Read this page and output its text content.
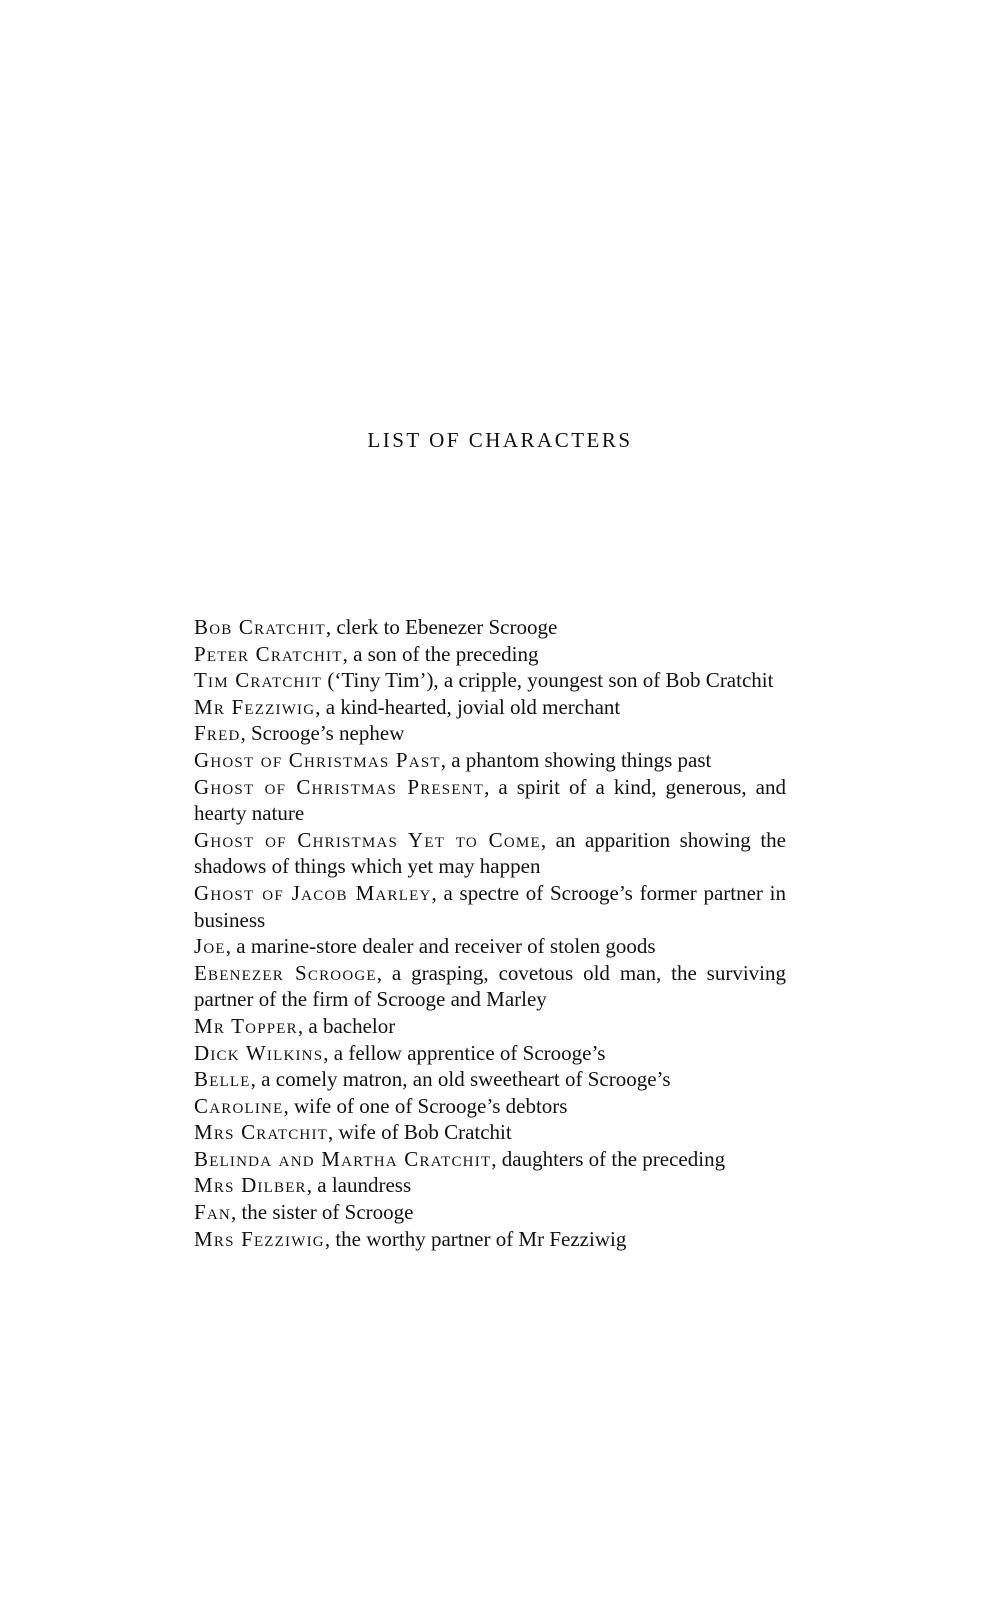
LIST OF CHARACTERS
Bob Cratchit, clerk to Ebenezer Scrooge
Peter Cratchit, a son of the preceding
Tim Cratchit (‘Tiny Tim’), a cripple, youngest son of Bob Cratchit
Mr Fezziwig, a kind-hearted, jovial old merchant
Fred, Scrooge’s nephew
Ghost of Christmas Past, a phantom showing things past
Ghost of Christmas Present, a spirit of a kind, generous, and hearty nature
Ghost of Christmas Yet to Come, an apparition showing the shadows of things which yet may happen
Ghost of Jacob Marley, a spectre of Scrooge’s former partner in business
Joe, a marine-store dealer and receiver of stolen goods
Ebenezer Scrooge, a grasping, covetous old man, the surviving partner of the firm of Scrooge and Marley
Mr Topper, a bachelor
Dick Wilkins, a fellow apprentice of Scrooge’s
Belle, a comely matron, an old sweetheart of Scrooge’s
Caroline, wife of one of Scrooge’s debtors
Mrs Cratchit, wife of Bob Cratchit
Belinda and Martha Cratchit, daughters of the preceding
Mrs Dilber, a laundress
Fan, the sister of Scrooge
Mrs Fezziwig, the worthy partner of Mr Fezziwig
